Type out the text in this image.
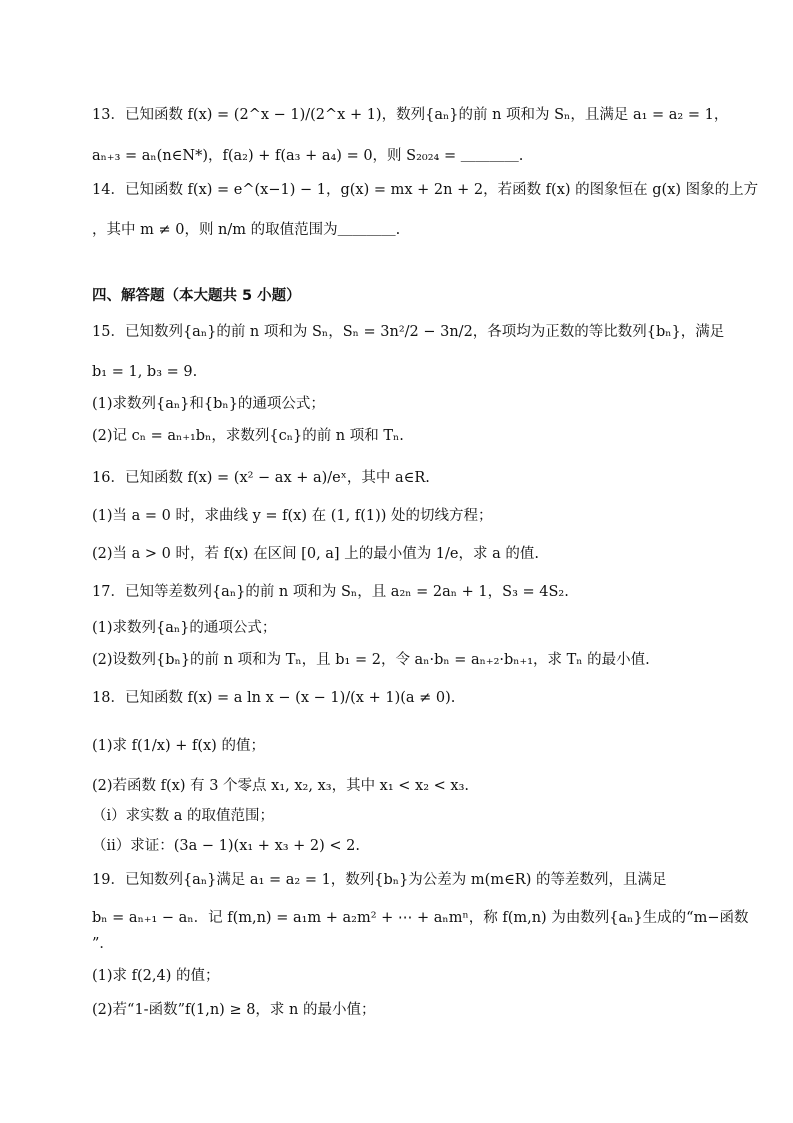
13．已知函数 f(x) = (2^x − 1)/(2^x + 1)，数列{aₙ}的前 n 项和为 Sₙ，且满足 a₁ = a₂ = 1，
aₙ₊₃ = aₙ(n∈N*)，f(a₂) + f(a₃ + a₄) = 0，则 S₂₀₂₄ = ＿＿＿＿.
14．已知函数 f(x) = e^(x−1) − 1，g(x) = mx + 2n + 2，若函数 f(x) 的图象恒在 g(x) 图象的上方
，其中 m ≠ 0，则 n/m 的取值范围为＿＿＿＿.
四、解答题（本大题共 5 小题）
15．已知数列{aₙ}的前 n 项和为 Sₙ，Sₙ = 3n²/2 − 3n/2，各项均为正数的等比数列{bₙ}，满足
b₁ = 1, b₃ = 9.
(1)求数列{aₙ}和{bₙ}的通项公式；
(2)记 cₙ = aₙ₊₁bₙ，求数列{cₙ}的前 n 项和 Tₙ.
16．已知函数 f(x) = (x² − ax + a)/eˣ，其中 a∈R.
(1)当 a = 0 时，求曲线 y = f(x) 在 (1, f(1)) 处的切线方程；
(2)当 a > 0 时，若 f(x) 在区间 [0, a] 上的最小值为 1/e，求 a 的值.
17．已知等差数列{aₙ}的前 n 项和为 Sₙ，且 a₂ₙ = 2aₙ + 1，S₃ = 4S₂.
(1)求数列{aₙ}的通项公式；
(2)设数列{bₙ}的前 n 项和为 Tₙ，且 b₁ = 2，令 aₙ·bₙ = aₙ₊₂·bₙ₊₁，求 Tₙ 的最小值.
18．已知函数 f(x) = a ln x − (x − 1)/(x + 1)(a ≠ 0).
(1)求 f(1/x) + f(x) 的值；
(2)若函数 f(x) 有 3 个零点 x₁, x₂, x₃，其中 x₁ < x₂ < x₃.
（ⅰ）求实数 a 的取值范围；
（ⅱ）求证：(3a − 1)(x₁ + x₃ + 2) < 2.
19．已知数列{aₙ}满足 a₁ = a₂ = 1，数列{bₙ}为公差为 m(m∈R) 的等差数列，且满足
bₙ = aₙ₊₁ − aₙ．记 f(m,n) = a₁m + a₂m² + ⋯ + aₙmⁿ，称 f(m,n) 为由数列{aₙ}生成的“m−函数
”．
(1)求 f(2,4) 的值；
(2)若“1-函数”f(1,n) ≥ 8，求 n 的最小值；
